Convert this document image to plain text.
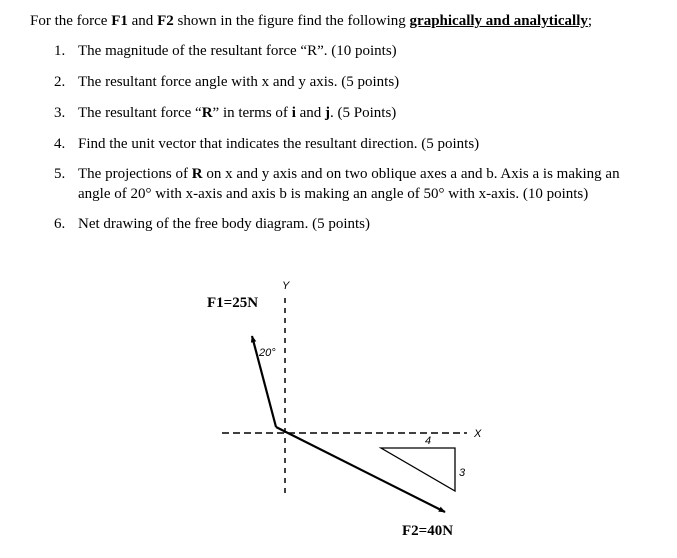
For the force F1 and F2 shown in the figure find the following graphically and analytically;
1. The magnitude of the resultant force “R”. (10 points)
2. The resultant force angle with x and y axis. (5 points)
3. The resultant force “R” in terms of i and j. (5 Points)
4. Find the unit vector that indicates the resultant direction. (5 points)
5. The projections of R on x and y axis and on two oblique axes a and b. Axis a is making an angle of 20° with x-axis and axis b is making an angle of 50° with x-axis. (10 points)
6. Net drawing of the free body diagram. (5 points)
Y
X
F1=25N
20°
F2=40N
4
3
